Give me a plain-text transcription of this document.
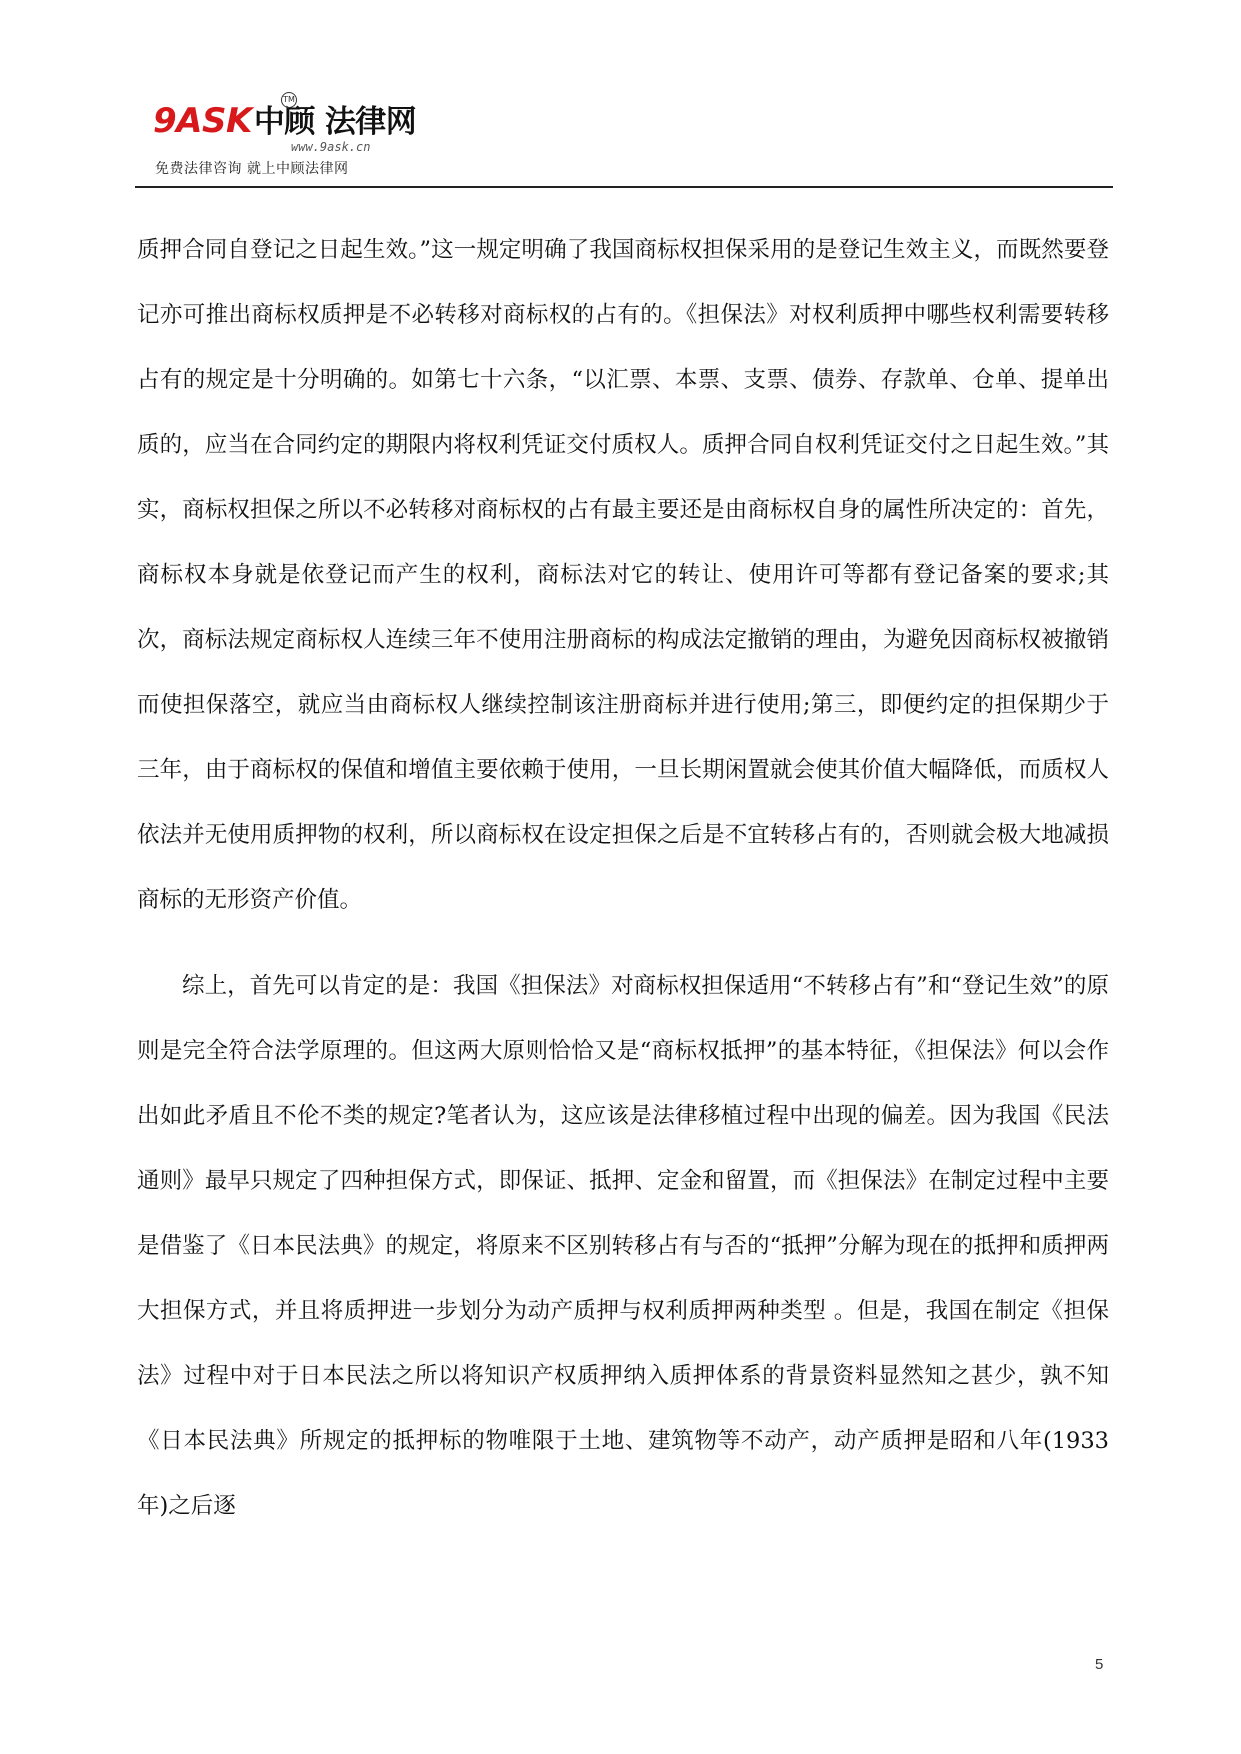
9ASK中顾 法律网
TM
www.9ask.cn
免费法律咨询 就上中顾法律网

质押合同自登记之日起生效。”这一规定明确了我国商标权担保采用的是登记生效主义，而既然要登记亦可推出商标权质押是不必转移对商标权的占有的。《担保法》对权利质押中哪些权利需要转移占有的规定是十分明确的。如第七十六条，“以汇票、本票、支票、债券、存款单、仓单、提单出质的，应当在合同约定的期限内将权利凭证交付质权人。质押合同自权利凭证交付之日起生效。”其实，商标权担保之所以不必转移对商标权的占有最主要还是由商标权自身的属性所决定的：首先，商标权本身就是依登记而产生的权利，商标法对它的转让、使用许可等都有登记备案的要求;其次，商标法规定商标权人连续三年不使用注册商标的构成法定撤销的理由，为避免因商标权被撤销而使担保落空，就应当由商标权人继续控制该注册商标并进行使用;第三，即便约定的担保期少于三年，由于商标权的保值和增值主要依赖于使用，一旦长期闲置就会使其价值大幅降低，而质权人依法并无使用质押物的权利，所以商标权在设定担保之后是不宜转移占有的，否则就会极大地减损商标的无形资产价值。

综上，首先可以肯定的是：我国《担保法》对商标权担保适用“不转移占有”和“登记生效”的原则是完全符合法学原理的。但这两大原则恰恰又是“商标权抵押”的基本特征，《担保法》何以会作出如此矛盾且不伦不类的规定?笔者认为，这应该是法律移植过程中出现的偏差。因为我国《民法通则》最早只规定了四种担保方式，即保证、抵押、定金和留置，而《担保法》在制定过程中主要是借鉴了《日本民法典》的规定，将原来不区别转移占有与否的“抵押”分解为现在的抵押和质押两大担保方式，并且将质押进一步划分为动产质押与权利质押两种类型 。但是，我国在制定《担保法》过程中对于日本民法之所以将知识产权质押纳入质押体系的背景资料显然知之甚少，孰不知《日本民法典》所规定的抵押标的物唯限于土地、建筑物等不动产，动产质押是昭和八年(1933 年)之后逐

5
